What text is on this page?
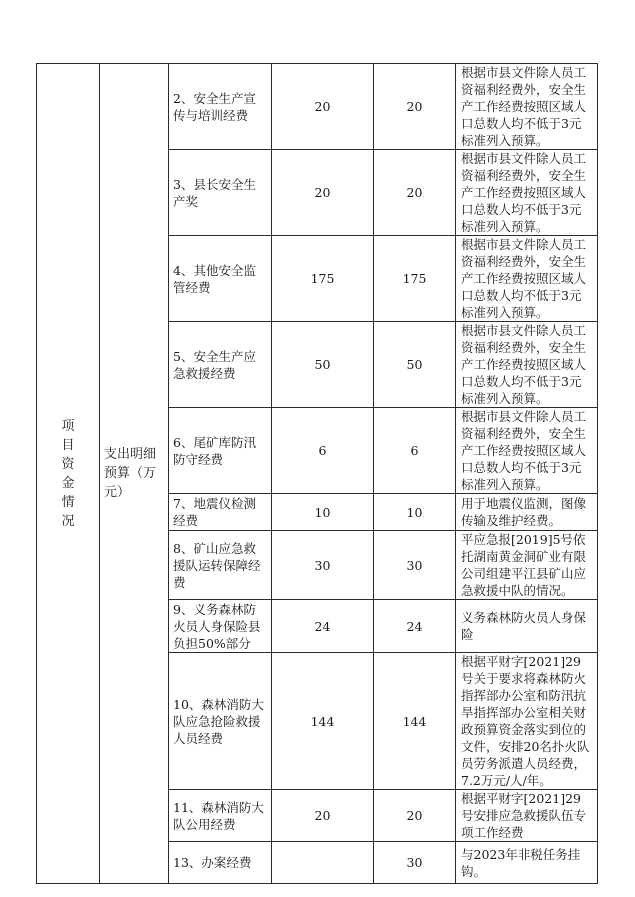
项目资金情况	支出明细预算（万元）	2、安全生产宣传与培训经费	20	20	根据市县文件除人员工资福利经费外，安全生产工作经费按照区域人口总数人均不低于3元标准列入预算。
		3、县长安全生产奖	20	20	根据市县文件除人员工资福利经费外，安全生产工作经费按照区域人口总数人均不低于3元标准列入预算。
		4、其他安全监管经费	175	175	根据市县文件除人员工资福利经费外，安全生产工作经费按照区域人口总数人均不低于3元标准列入预算。
		5、安全生产应急救援经费	50	50	根据市县文件除人员工资福利经费外，安全生产工作经费按照区域人口总数人均不低于3元标准列入预算。
		6、尾矿库防汛防守经费	6	6	根据市县文件除人员工资福利经费外，安全生产工作经费按照区域人口总数人均不低于3元标准列入预算。
		7、地震仪检测经费	10	10	用于地震仪监测，图像传输及维护经费。
		8、矿山应急救援队运转保障经费	30	30	平应急报[2019]5号依托湖南黄金洞矿业有限公司组建平江县矿山应急救援中队的情况。
		9、义务森林防火员人身保险县负担50%部分	24	24	义务森林防火员人身保险
		10、森林消防大队应急抢险救援人员经费	144	144	根据平财字[2021]29号关于要求将森林防火指挥部办公室和防汛抗旱指挥部办公室相关财政预算资金落实到位的文件，安排20名扑火队员劳务派遣人员经费，7.2万元/人/年。
		11、森林消防大队公用经费	20	20	根据平财字[2021]29号安排应急救援队伍专项工作经费
		13、办案经费		30	与2023年非税任务挂钩。
